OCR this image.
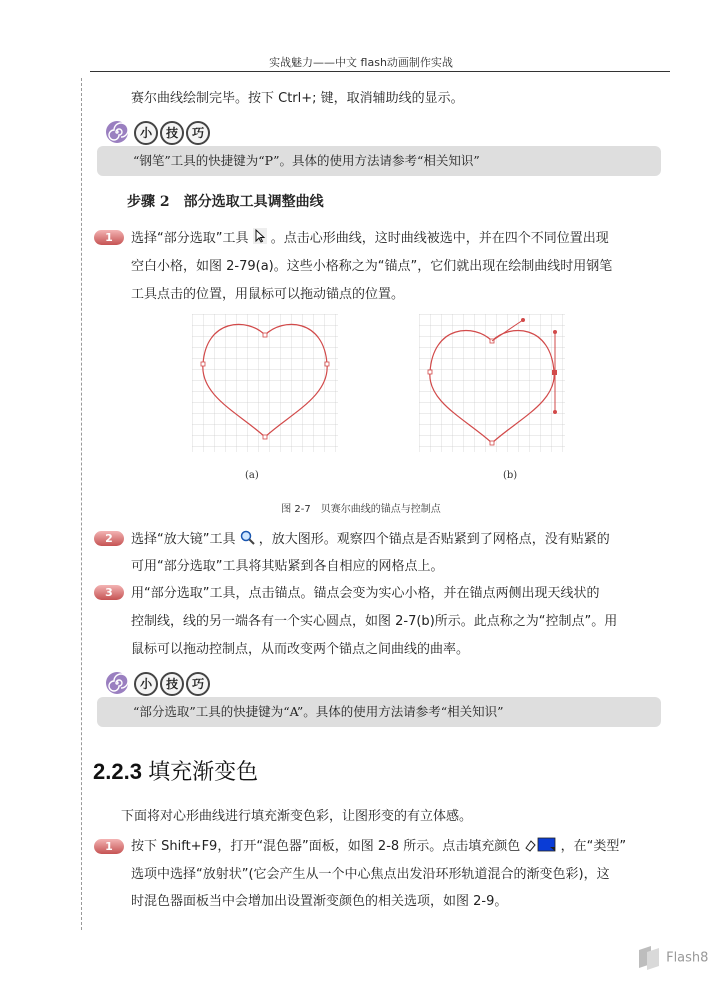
实战魅力——中文 flash动画制作实战
赛尔曲线绘制完毕。按下 Ctrl+; 键，取消辅助线的显示。
小 技 巧
“钢笔”工具的快捷键为“P”。具体的使用方法请参考“相关知识”
步骤 2　部分选取工具调整曲线
1	选择“部分选取”工具 。点击心形曲线，这时曲线被选中，并在四个不同位置出现
空白小格，如图 2-79(a)。这些小格称之为“锚点”，它们就出现在绘制曲线时用钢笔
工具点击的位置，用鼠标可以拖动锚点的位置。
(a)	(b)
图 2-7　贝赛尔曲线的锚点与控制点
2	选择“放大镜”工具 ，放大图形。观察四个锚点是否贴紧到了网格点，没有贴紧的
可用“部分选取”工具将其贴紧到各自相应的网格点上。
3	用“部分选取”工具，点击锚点。锚点会变为实心小格，并在锚点两侧出现天线状的
控制线，线的另一端各有一个实心圆点，如图 2-7(b)所示。此点称之为“控制点”。用
鼠标可以拖动控制点，从而改变两个锚点之间曲线的曲率。
小 技 巧
“部分选取”工具的快捷键为“A”。具体的使用方法请参考“相关知识”
2.2.3 填充渐变色
下面将对心形曲线进行填充渐变色彩，让图形变的有立体感。
1	按下 Shift+F9，打开“混色器”面板，如图 2-8 所示。点击填充颜色	，在“类型”
选项中选择“放射状”(它会产生从一个中心焦点出发沿环形轨道混合的渐变色彩)，这
时混色器面板当中会增加出设置渐变颜色的相关选项，如图 2-9。
Flash8
